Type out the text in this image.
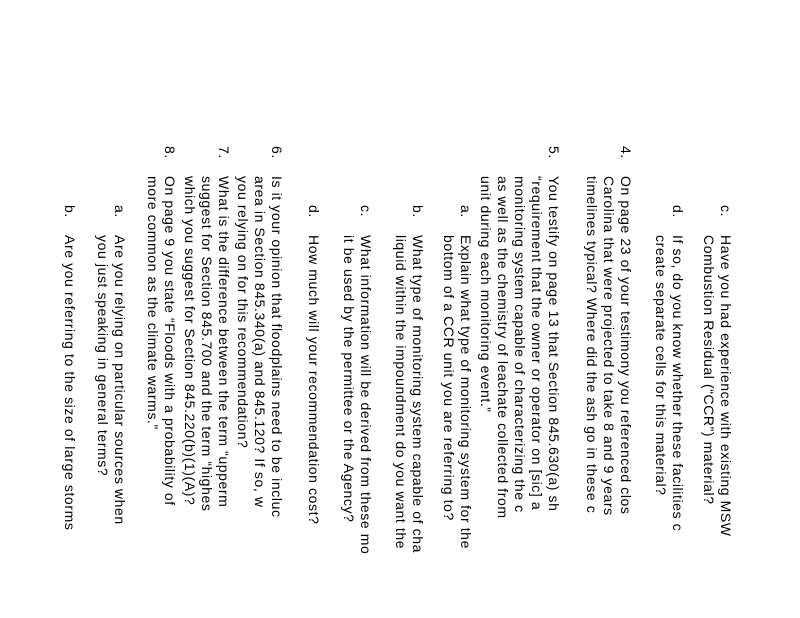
c.
Have you had experience with existing MSW
Combustion Residual (“CCR”) material?
d.
If so, do you know whether these facilities c
create separate cells for this material?
4.
On page 23 of your testimony you referenced clos
Carolina that were projected to take 8 and 9 years
timelines typical? Where did the ash go in these c
5.
You testify on page 13 that Section 845.630(a) sh
“requirement that the owner or operator on [sic] a
monitoring system capable of characterizing the c
as well as the chemistry of leachate collected from
unit during each monitoring event.”
a.
Explain what type of monitoring system for the
bottom of a CCR unit you are referring to?
b.
What type of monitoring system capable of cha
liquid within the impoundment do you want the
c.
What information will be derived from these mo
it be used by the permittee or the Agency?
d.
How much will your recommendation cost?
6.
Is it your opinion that floodplains need to be incluc
area in Section 845.340(a) and 845.120? If so, w
you relying on for this recommendation?
7.
What is the difference between the term “upperm
suggest for Section 845.700 and the term “highes
which you suggest for Section 845.220(b)(1)(A)?
8.
On page 9 you state “Floods with a probability of
more common as the climate warms.”
a.
Are you relying on particular sources when
you just speaking in general terms?
b.
Are you referring to the size of large storms
